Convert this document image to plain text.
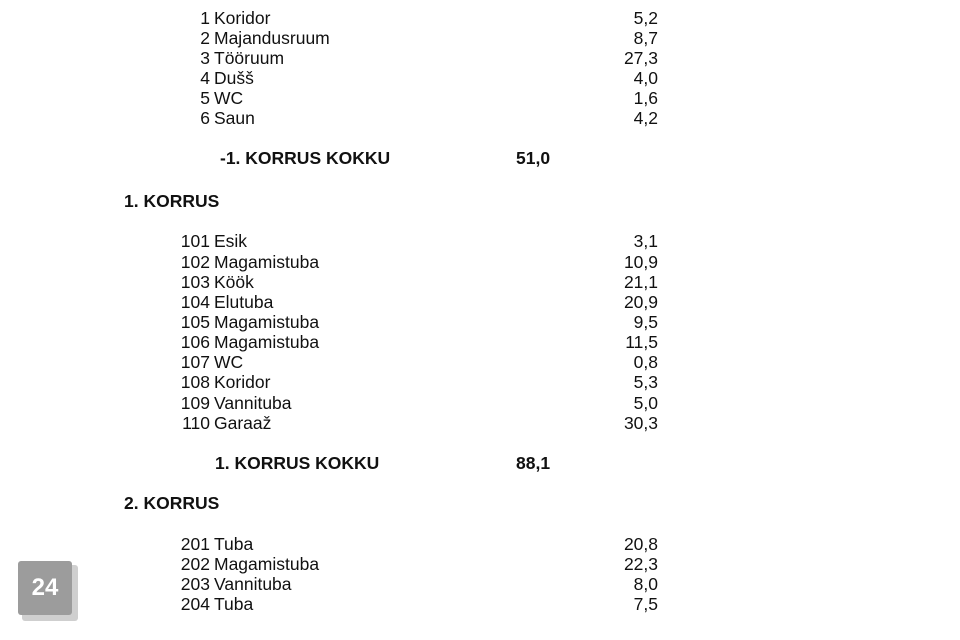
1 Koridor	5,2
2 Majandusruum	8,7
3 Tööruum	27,3
4 Dušš	4,0
5 WC	1,6
6 Saun	4,2
-1. KORRUS KOKKU	51,0
1. KORRUS
101 Esik	3,1
102 Magamistuba	10,9
103 Köök	21,1
104 Elutuba	20,9
105 Magamistuba	9,5
106 Magamistuba	11,5
107 WC	0,8
108 Koridor	5,3
109 Vannituba	5,0
110 Garaaž	30,3
1. KORRUS KOKKU	88,1
2. KORRUS
201 Tuba	20,8
202 Magamistuba	22,3
203 Vannituba	8,0
204 Tuba	7,5
24
